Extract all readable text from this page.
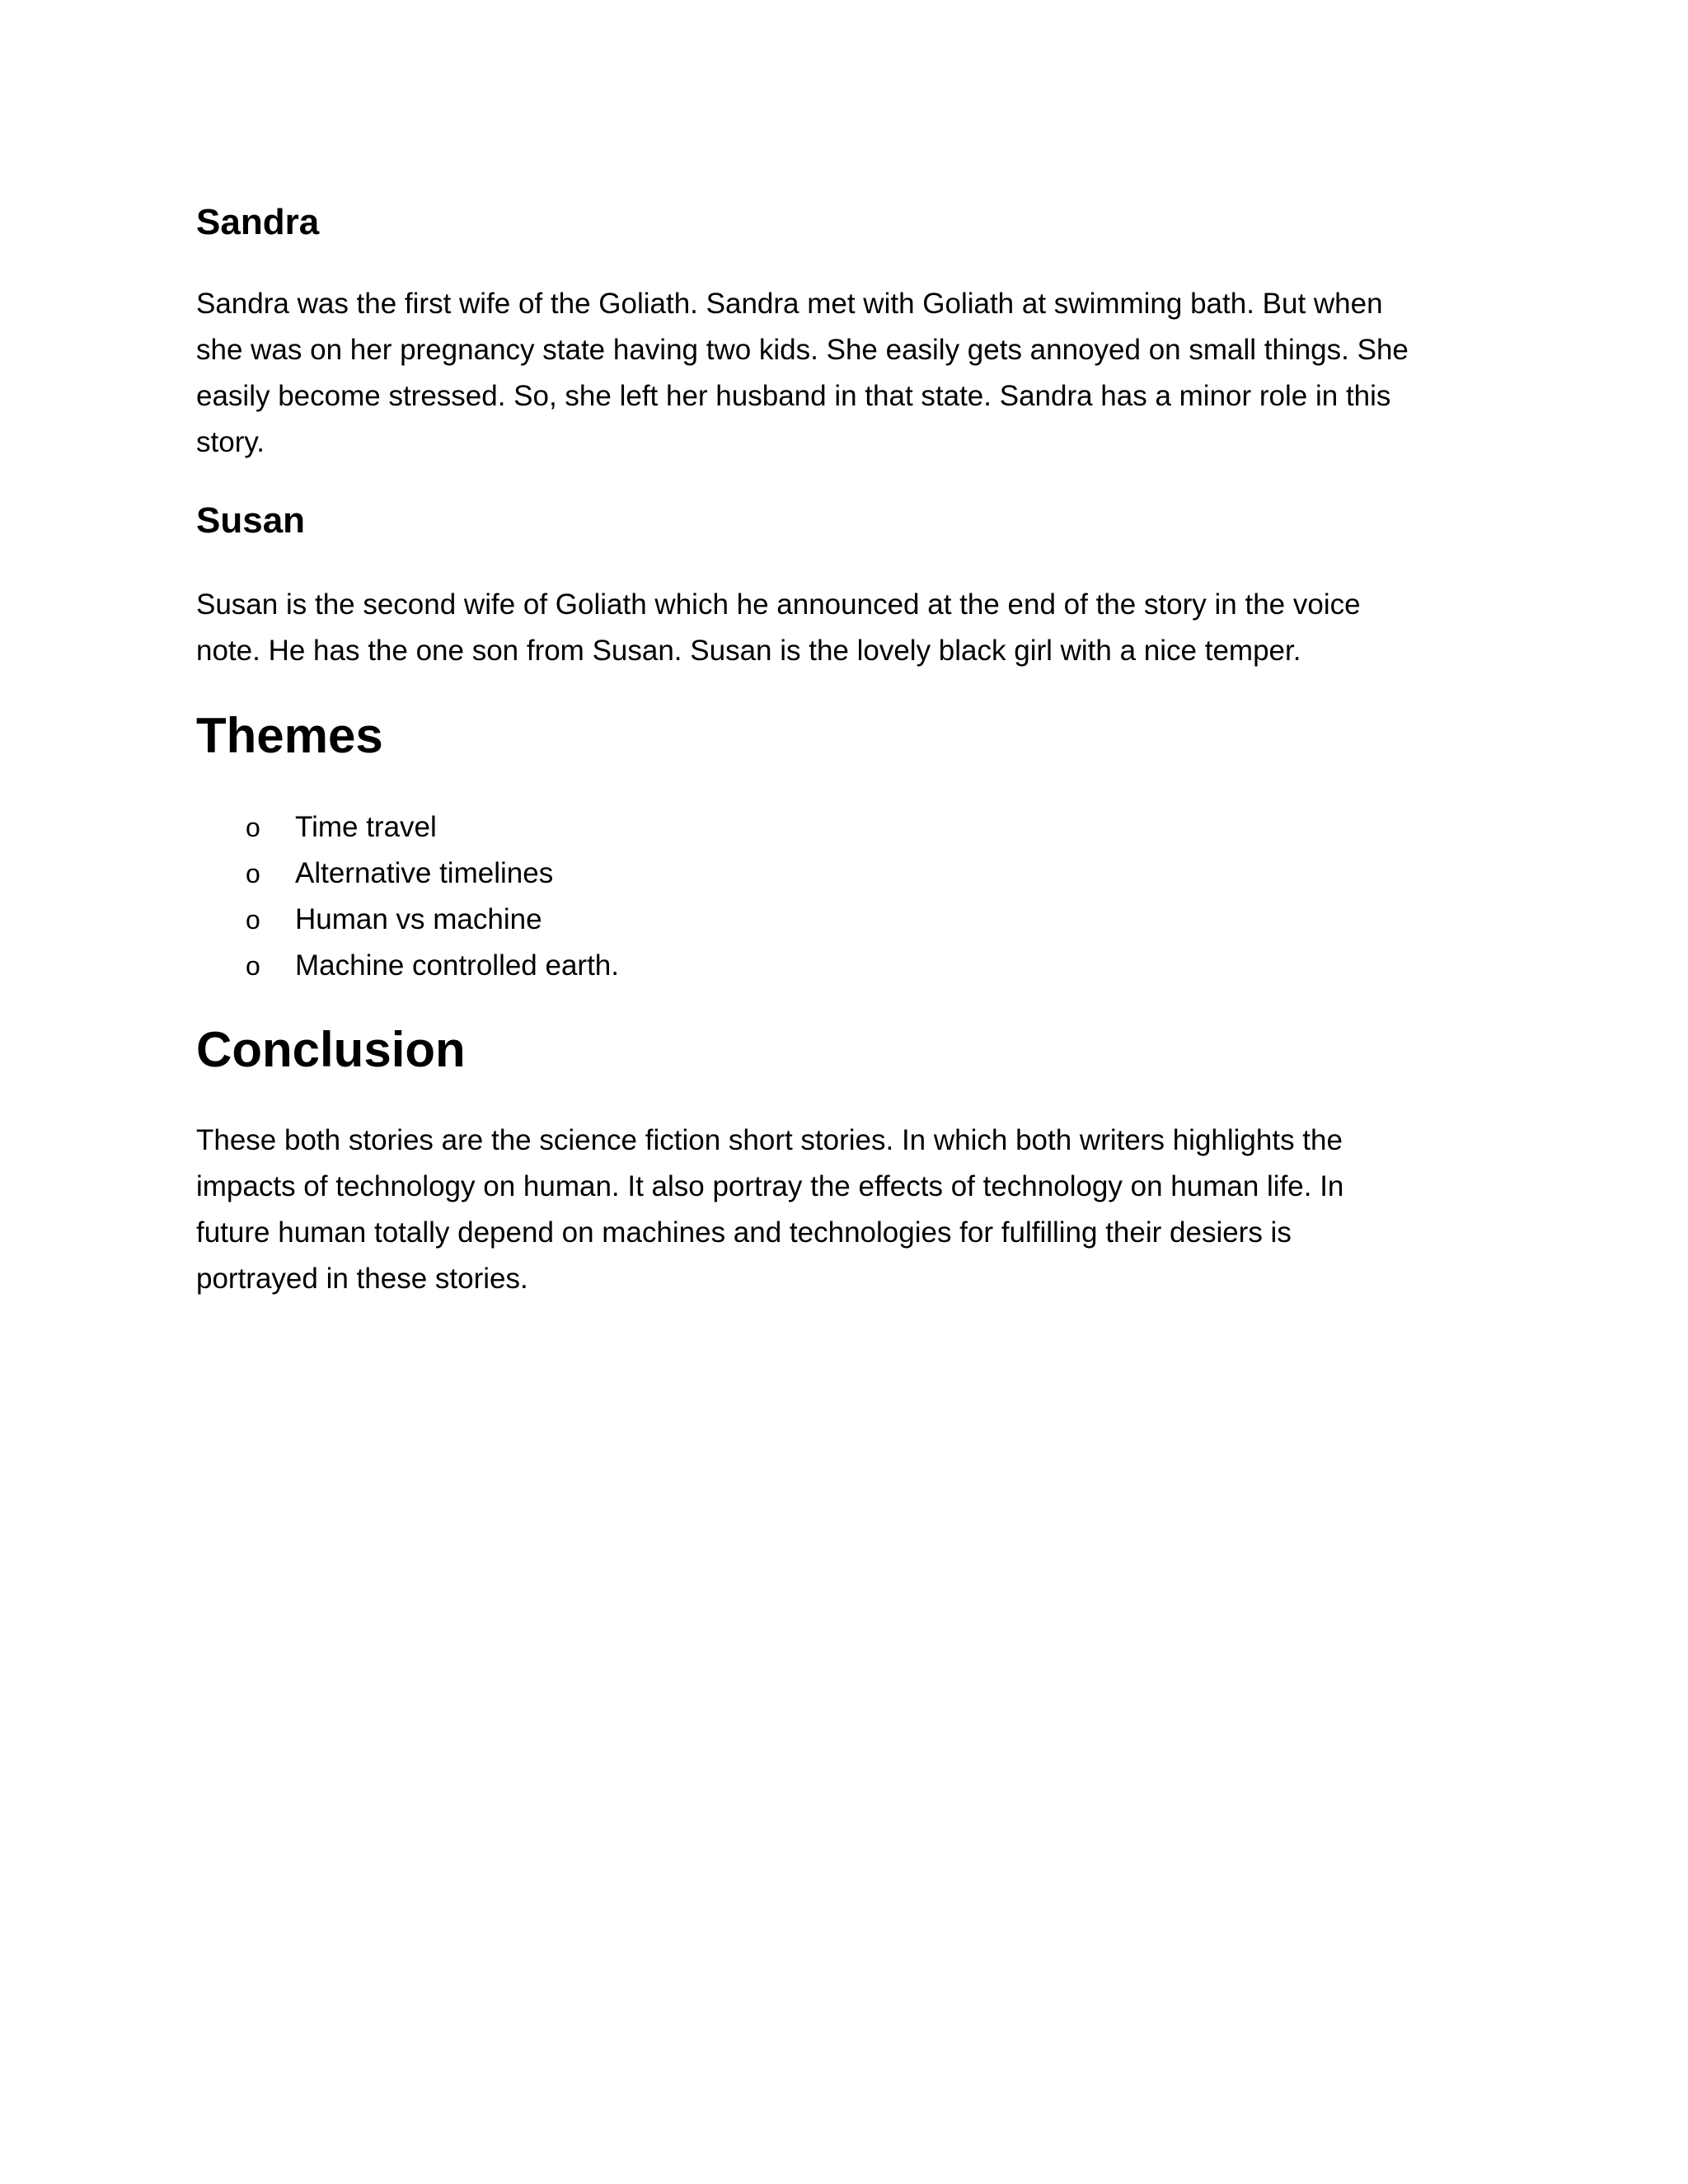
Sandra

Sandra was the first wife of the Goliath. Sandra met with Goliath at swimming bath. But when
she was on her pregnancy state having two kids. She easily gets annoyed on small things. She
easily become stressed. So, she left her husband in that state. Sandra has a minor role in this
story.

Susan

Susan is the second wife of Goliath which he announced at the end of the story in the voice
note. He has the one son from Susan. Susan is the lovely black girl with a nice temper.

Themes
o Time travel
o Alternative timelines
o Human vs machine
o Machine controlled earth.
Conclusion

These both stories are the science fiction short stories. In which both writers highlights the
impacts of technology on human. It also portray the effects of technology on human life. In
future human totally depend on machines and technologies for fulfilling their desiers is
portrayed in these stories.
